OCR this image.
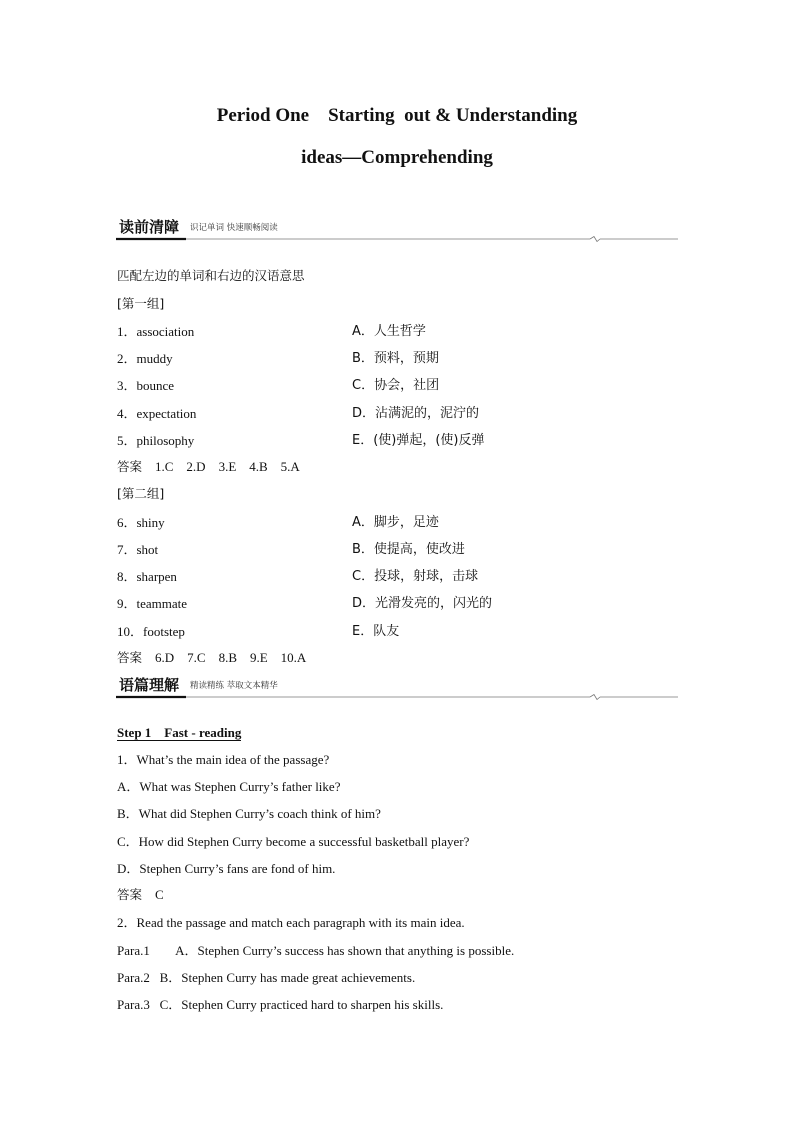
Period One    Starting  out & Understanding
ideas—Comprehending
读前清障 识记单词 快速顺畅阅读
匹配左边的单词和右边的汉语意思
[第一组]
1．association	A．人生哲学
2．muddy	B．预料，预期
3．bounce	C．协会，社团
4．expectation	D．沾满泥的，泥泞的
5．philosophy	E．(使)弹起，(使)反弹
答案 1.C    2.D    3.E    4.B    5.A
[第二组]
6．shiny	A．脚步，足迹
7．shot	B．使提高，使改进
8．sharpen	C．投球，射球，击球
9．teammate	D．光滑发亮的，闪光的
10．footstep	E．队友
答案 6.D    7.C    8.B    9.E    10.A
语篇理解 精读精练 萃取文本精华
Step 1    Fast - reading
1．What’s the main idea of the passage?
A．What was Stephen Curry’s father like?
B．What did Stephen Curry’s coach think of him?
C．How did Stephen Curry become a successful basketball player?
D．Stephen Curry’s fans are fond of him.
答案 C
2．Read the passage and match each paragraph with its main idea.
Para.1 A．Stephen Curry’s success has shown that anything is possible.
Para.2 B．Stephen Curry has made great achievements.
Para.3 C．Stephen Curry practiced hard to sharpen his skills.
